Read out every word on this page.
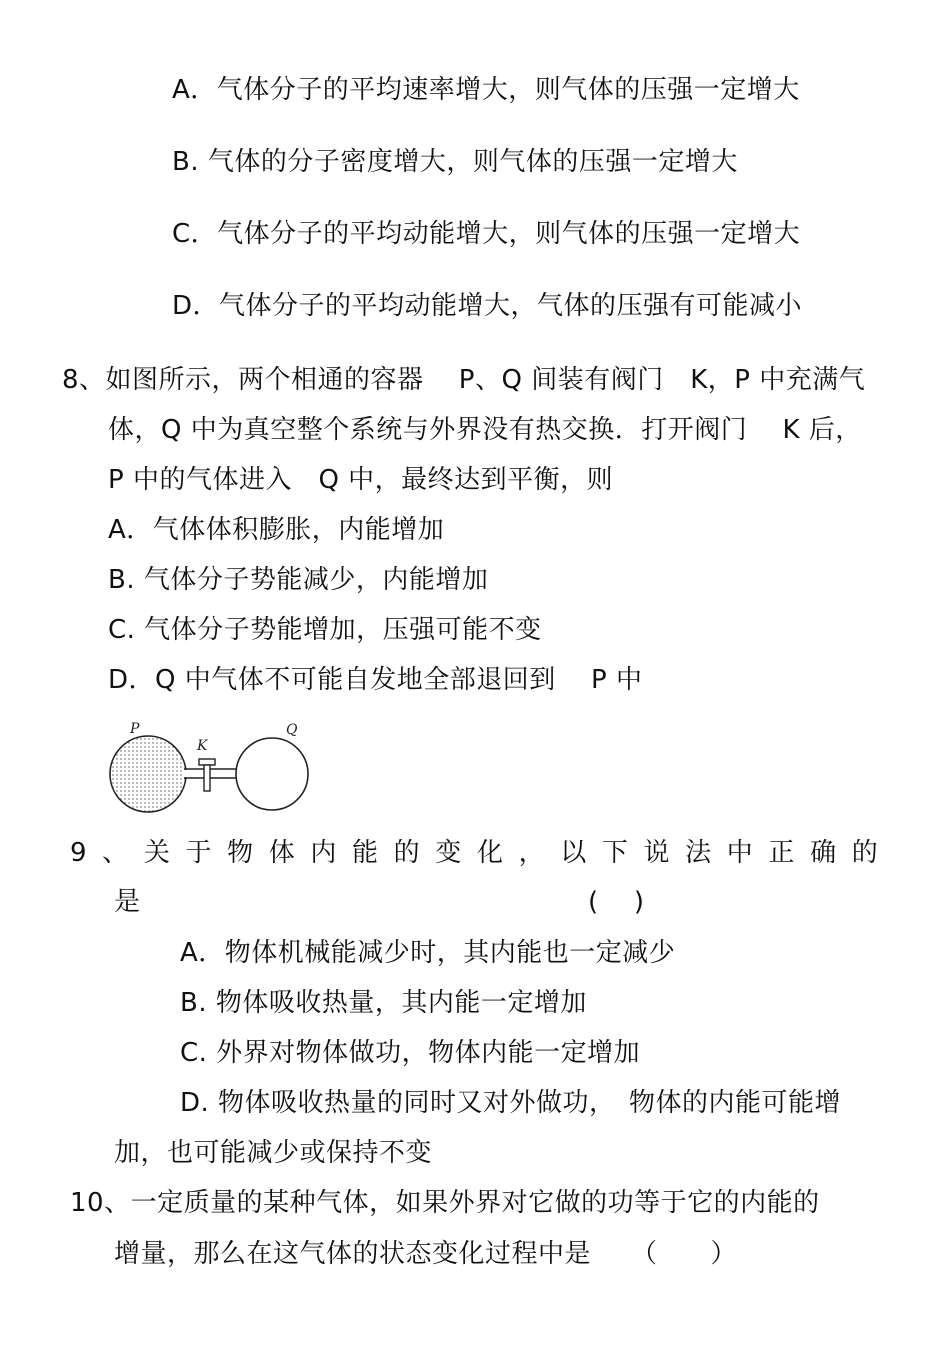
A．气体分子的平均速率增大，则气体的压强一定增大
B. 气体的分子密度增大，则气体的压强一定增大
C．气体分子的平均动能增大，则气体的压强一定增大
D．气体分子的平均动能增大，气体的压强有可能减小
8、如图所示，两个相通的容器　 P、Q 间装有阀门　K，P 中充满气
体，Q 中为真空整个系统与外界没有热交换．打开阀门　 K 后，
P 中的气体进入　Q 中，最终达到平衡，则
A．气体体积膨胀，内能增加
B. 气体分子势能减少，内能增加
C. 气体分子势能增加，压强可能不变
D．Q 中气体不可能自发地全部退回到　 P 中
P
K
Q
9 、 关 于 物 体 内 能 的 变 化 ， 以 下 说 法 中 正 确 的
是	(　 )
A．物体机械能减少时，其内能也一定减少
B. 物体吸收热量，其内能一定增加
C. 外界对物体做功，物体内能一定增加
D. 物体吸收热量的同时又对外做功，　物体的内能可能增
加，也可能减少或保持不变
10、一定质量的某种气体，如果外界对它做的功等于它的内能的
增量，那么在这气体的状态变化过程中是　　（　　）
